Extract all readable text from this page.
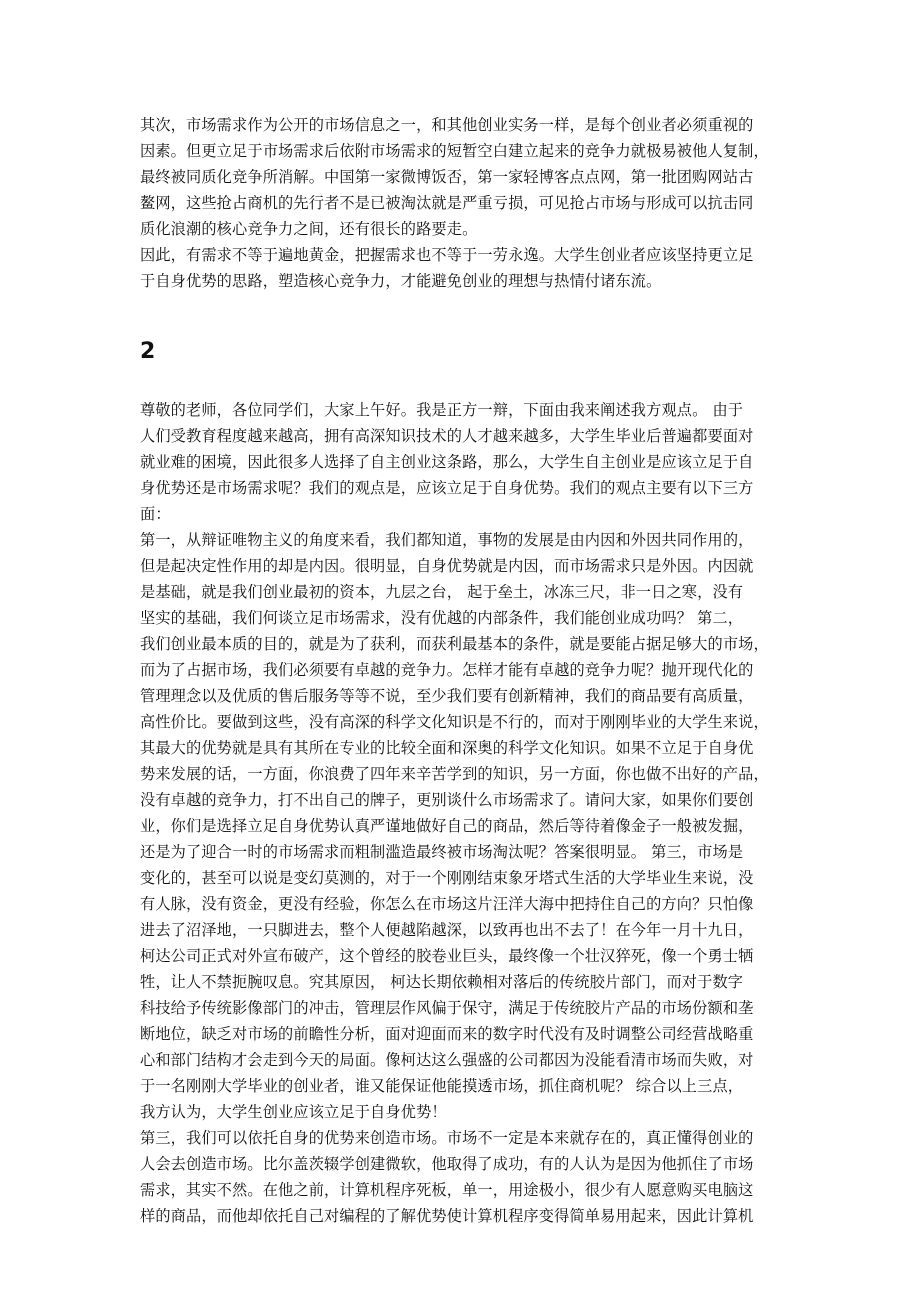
其次，市场需求作为公开的市场信息之一，和其他创业实务一样，是每个创业者必须重视的
因素。但更立足于市场需求后依附市场需求的短暂空白建立起来的竞争力就极易被他人复制，
最终被同质化竞争所消解。中国第一家微博饭否，第一家轻博客点点网，第一批团购网站古
鳌网，这些抢占商机的先行者不是已被淘汰就是严重亏损，可见抢占市场与形成可以抗击同
质化浪潮的核心竞争力之间，还有很长的路要走。
因此，有需求不等于遍地黄金，把握需求也不等于一劳永逸。大学生创业者应该坚持更立足
于自身优势的思路，塑造核心竞争力，才能避免创业的理想与热情付诸东流。
2
尊敬的老师，各位同学们，大家上午好。我是正方一辩，下面由我来阐述我方观点。 由于
人们受教育程度越来越高，拥有高深知识技术的人才越来越多，大学生毕业后普遍都要面对
就业难的困境，因此很多人选择了自主创业这条路，那么，大学生自主创业是应该立足于自
身优势还是市场需求呢？我们的观点是，应该立足于自身优势。我们的观点主要有以下三方
面：
第一，从辩证唯物主义的角度来看，我们都知道，事物的发展是由内因和外因共同作用的，
但是起决定性作用的却是内因。很明显，自身优势就是内因，而市场需求只是外因。内因就
是基础，就是我们创业最初的资本，九层之台， 起于垒土，冰冻三尺，非一日之寒，没有
坚实的基础，我们何谈立足市场需求，没有优越的内部条件，我们能创业成功吗？ 第二，
我们创业最本质的目的，就是为了获利，而获利最基本的条件，就是要能占据足够大的市场，
而为了占据市场，我们必须要有卓越的竞争力。怎样才能有卓越的竞争力呢？抛开现代化的
管理理念以及优质的售后服务等等不说，至少我们要有创新精神，我们的商品要有高质量，
高性价比。要做到这些，没有高深的科学文化知识是不行的，而对于刚刚毕业的大学生来说，
其最大的优势就是具有其所在专业的比较全面和深奥的科学文化知识。如果不立足于自身优
势来发展的话，一方面，你浪费了四年来辛苦学到的知识，另一方面，你也做不出好的产品，
没有卓越的竞争力，打不出自己的牌子，更别谈什么市场需求了。请问大家，如果你们要创
业，你们是选择立足自身优势认真严谨地做好自己的商品，然后等待着像金子一般被发掘，
还是为了迎合一时的市场需求而粗制滥造最终被市场淘汰呢？答案很明显。 第三，市场是
变化的，甚至可以说是变幻莫测的，对于一个刚刚结束象牙塔式生活的大学毕业生来说，没
有人脉，没有资金，更没有经验，你怎么在市场这片汪洋大海中把持住自己的方向？只怕像
进去了沼泽地，一只脚进去，整个人便越陷越深，以致再也出不去了！在今年一月十九日，
柯达公司正式对外宣布破产，这个曾经的胶卷业巨头，最终像一个壮汉猝死，像一个勇士牺
牲，让人不禁扼腕叹息。究其原因， 柯达长期依赖相对落后的传统胶片部门，而对于数字
科技给予传统影像部门的冲击，管理层作风偏于保守，满足于传统胶片产品的市场份额和垄
断地位，缺乏对市场的前瞻性分析，面对迎面而来的数字时代没有及时调整公司经营战略重
心和部门结构才会走到今天的局面。像柯达这么强盛的公司都因为没能看清市场而失败，对
于一名刚刚大学毕业的创业者，谁又能保证他能摸透市场，抓住商机呢？ 综合以上三点，
我方认为，大学生创业应该立足于自身优势！
第三，我们可以依托自身的优势来创造市场。市场不一定是本来就存在的，真正懂得创业的
人会去创造市场。比尔盖茨辍学创建微软，他取得了成功，有的人认为是因为他抓住了市场
需求，其实不然。在他之前，计算机程序死板，单一，用途极小，很少有人愿意购买电脑这
样的商品，而他却依托自己对编程的了解优势使计算机程序变得简单易用起来，因此计算机
